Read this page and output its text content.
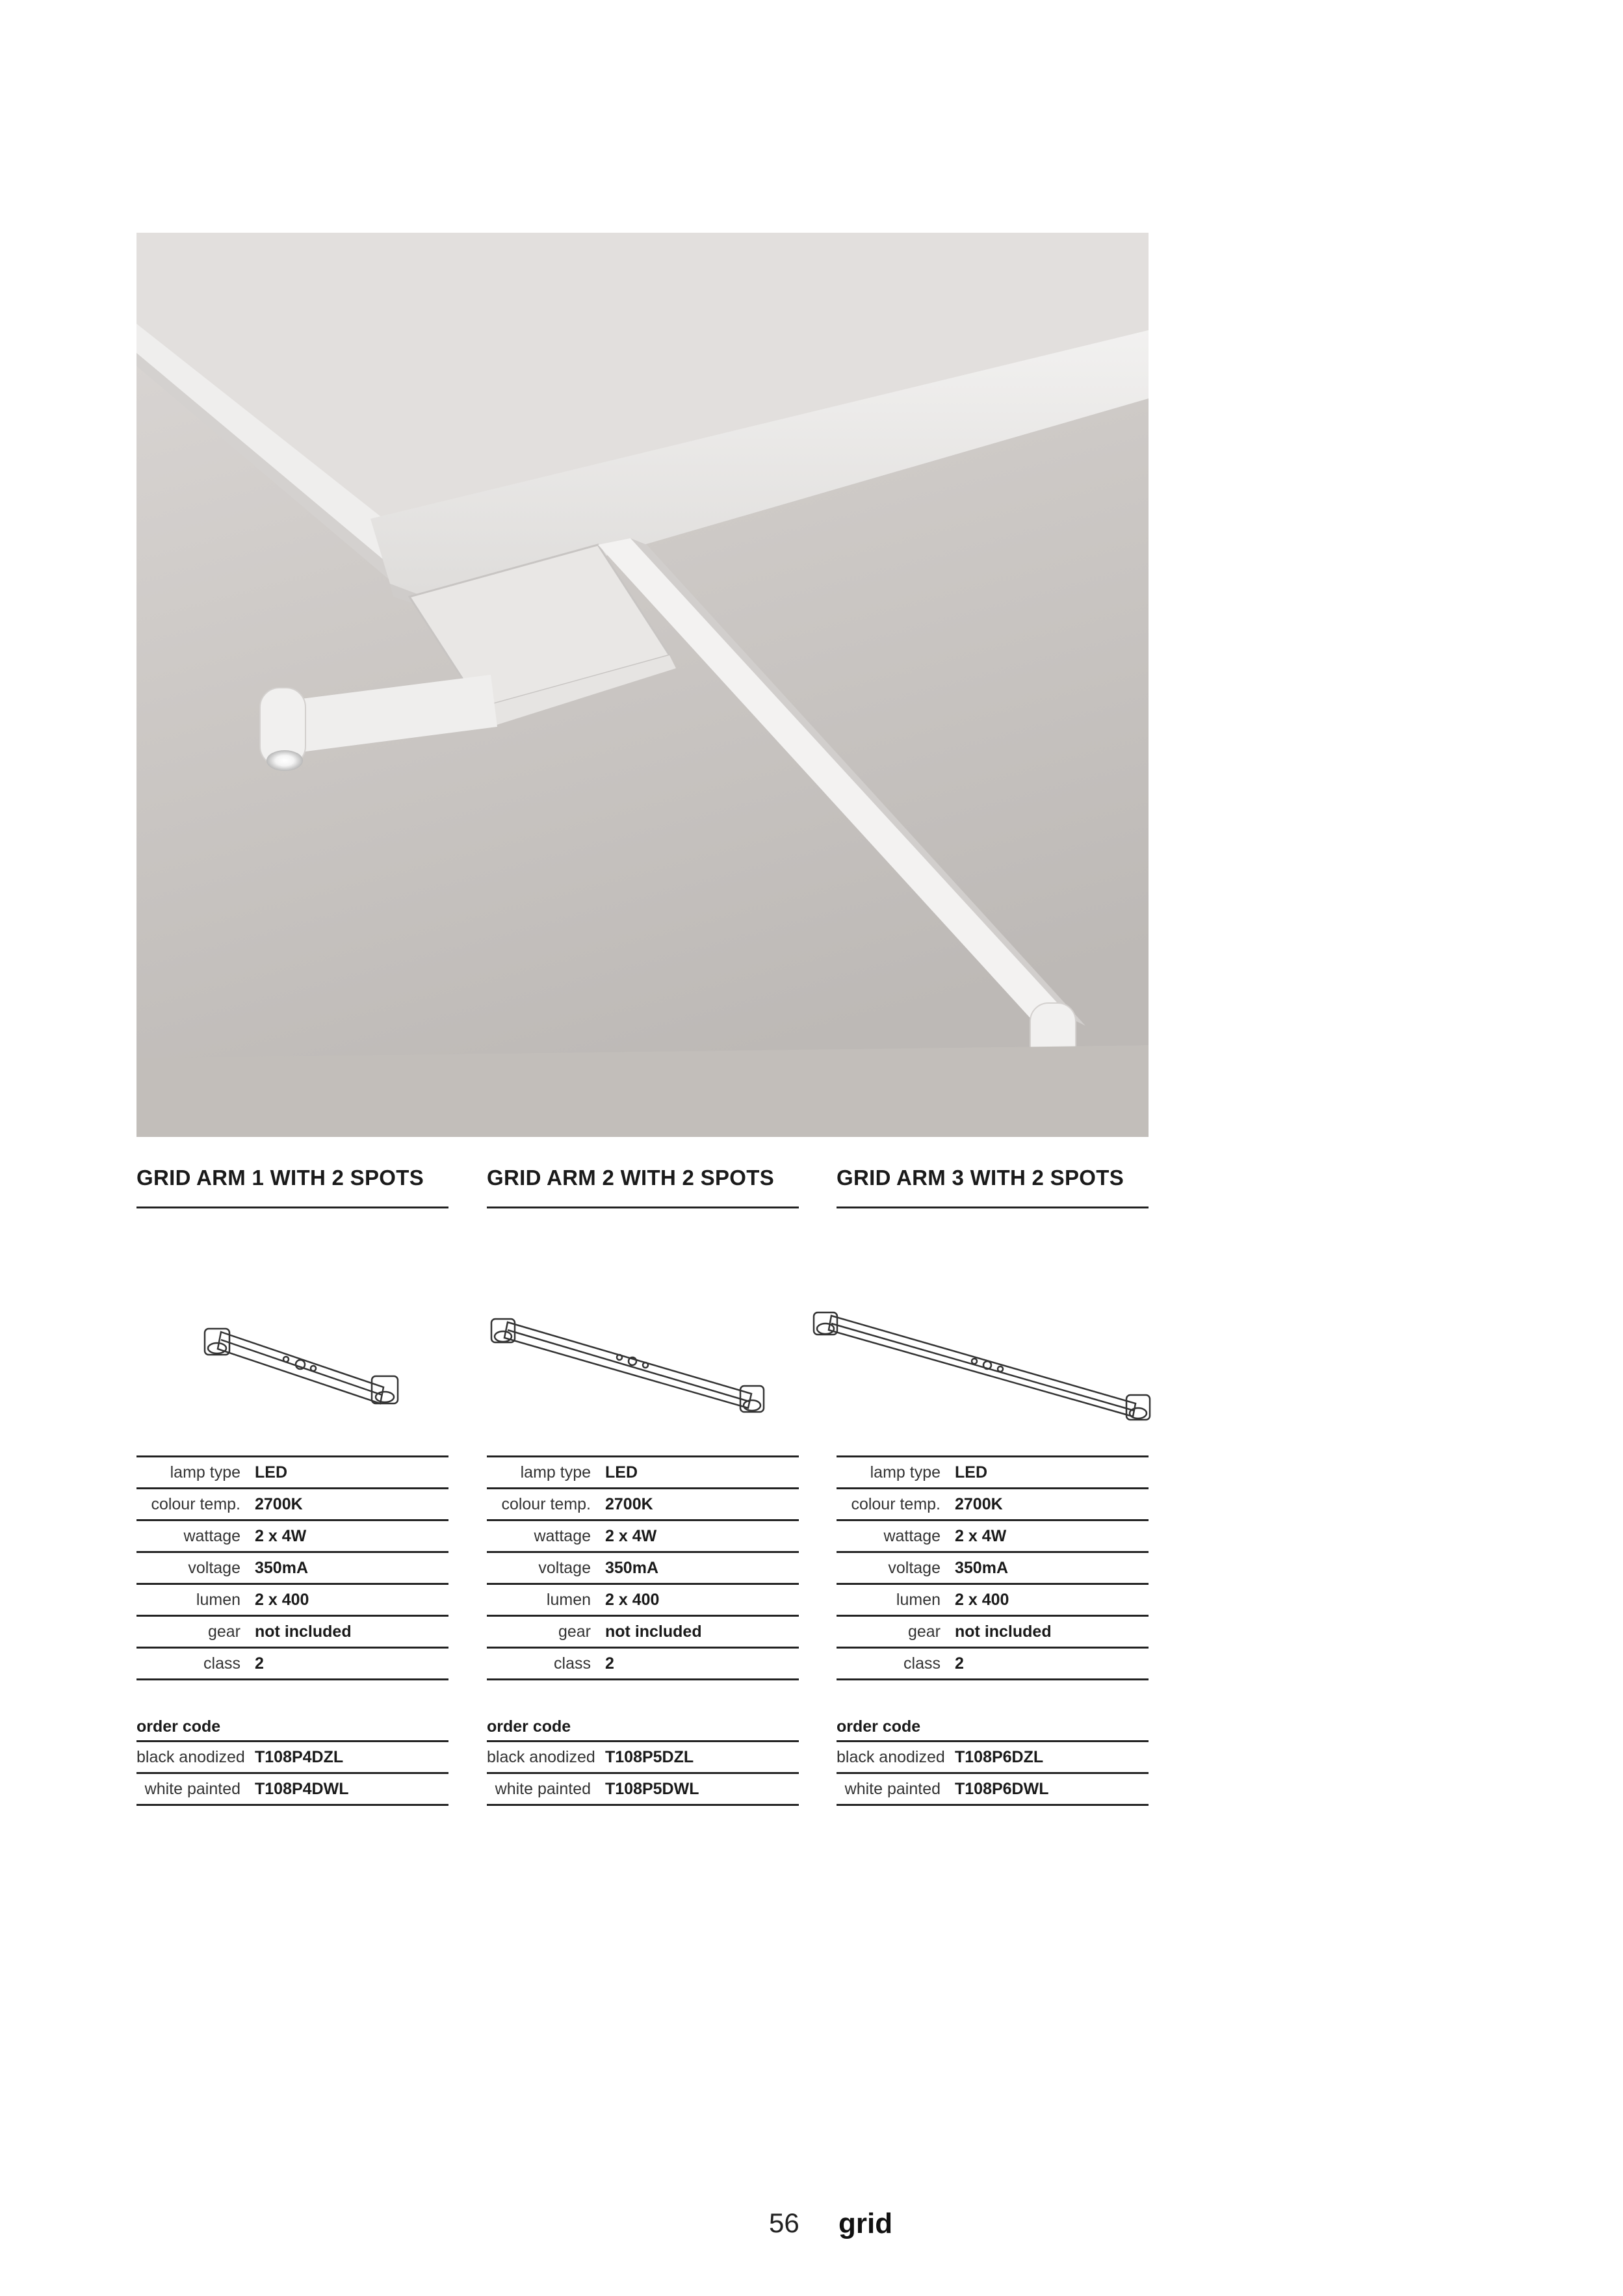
GRID ARM 1 WITH 2 SPOTS
lamp type LED
colour temp. 2700K
wattage 2 x 4W
voltage 350mA
lumen 2 x 400
gear not included
class 2
order code
black anodized T108P4DZL
white painted T108P4DWL
GRID ARM 2 WITH 2 SPOTS
lamp type LED
colour temp. 2700K
wattage 2 x 4W
voltage 350mA
lumen 2 x 400
gear not included
class 2
order code
black anodized T108P5DZL
white painted T108P5DWL
GRID ARM 3 WITH 2 SPOTS
lamp type LED
colour temp. 2700K
wattage 2 x 4W
voltage 350mA
lumen 2 x 400
gear not included
class 2
order code
black anodized T108P6DZL
white painted T108P6DWL
56 grid
